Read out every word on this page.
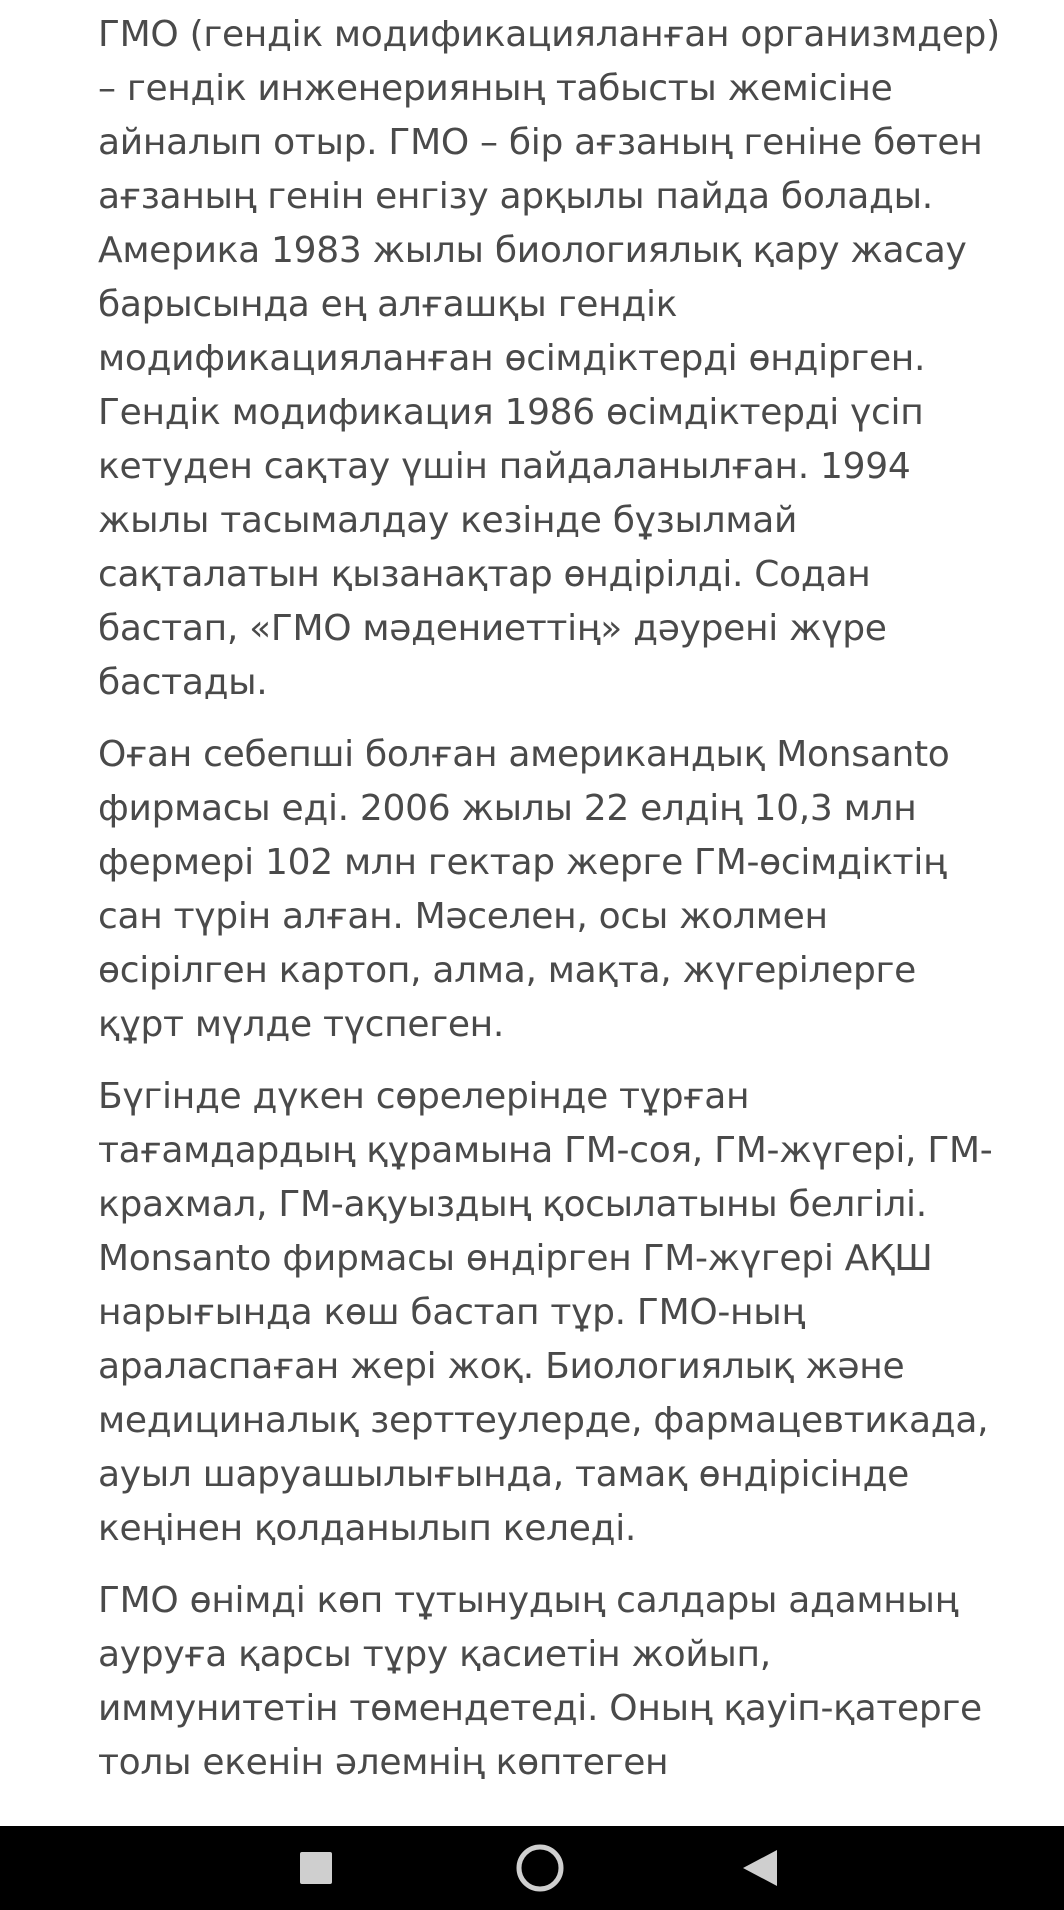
ГМО (гендік модификацияланған организмдер) – гендік инженерияның табысты жемісіне айналып отыр. ГМО – бір ағзаның геніне бөтен ағзаның генін енгізу арқылы пайда болады. Америка 1983 жылы биологиялық қару жасау барысында ең алғашқы гендік модификацияланған өсімдіктерді өндірген. Гендік модификация 1986 өсімдіктерді үсіп кетуден сақтау үшін пайдаланылған. 1994 жылы тасымалдау кезінде бұзылмай сақталатын қызанақтар өндірілді. Содан бастап, «ГМО мәдениеттің» дәурені жүре бастады.

Оған себепші болған американдық Monsanto фирмасы еді. 2006 жылы 22 елдің 10,3 млн фермері 102 млн гектар жерге ГМ-өсімдіктің сан түрін алған. Мәселен, осы жолмен өсірілген картоп, алма, мақта, жүгерілерге құрт мүлде түспеген.

Бүгінде дүкен сөрелерінде тұрған тағамдардың құрамына ГМ-соя, ГМ-жүгері, ГМ-крахмал, ГМ-ақуыздың қосылатыны белгілі. Monsanto фирмасы өндірген ГМ-жүгері АҚШ нарығында көш бастап тұр. ГМО-ның араласпаған жері жоқ. Биологиялық және медициналық зерттеулерде, фармацевтикада, ауыл шаруашылығында, тамақ өндірісінде кеңінен қолданылып келеді.

ГМО өнімді көп тұтынудың салдары адамның ауруға қарсы тұру қасиетін жойып, иммунитетін төмендетеді. Оның қауіп-қатерге толы екенін әлемнің көптеген
